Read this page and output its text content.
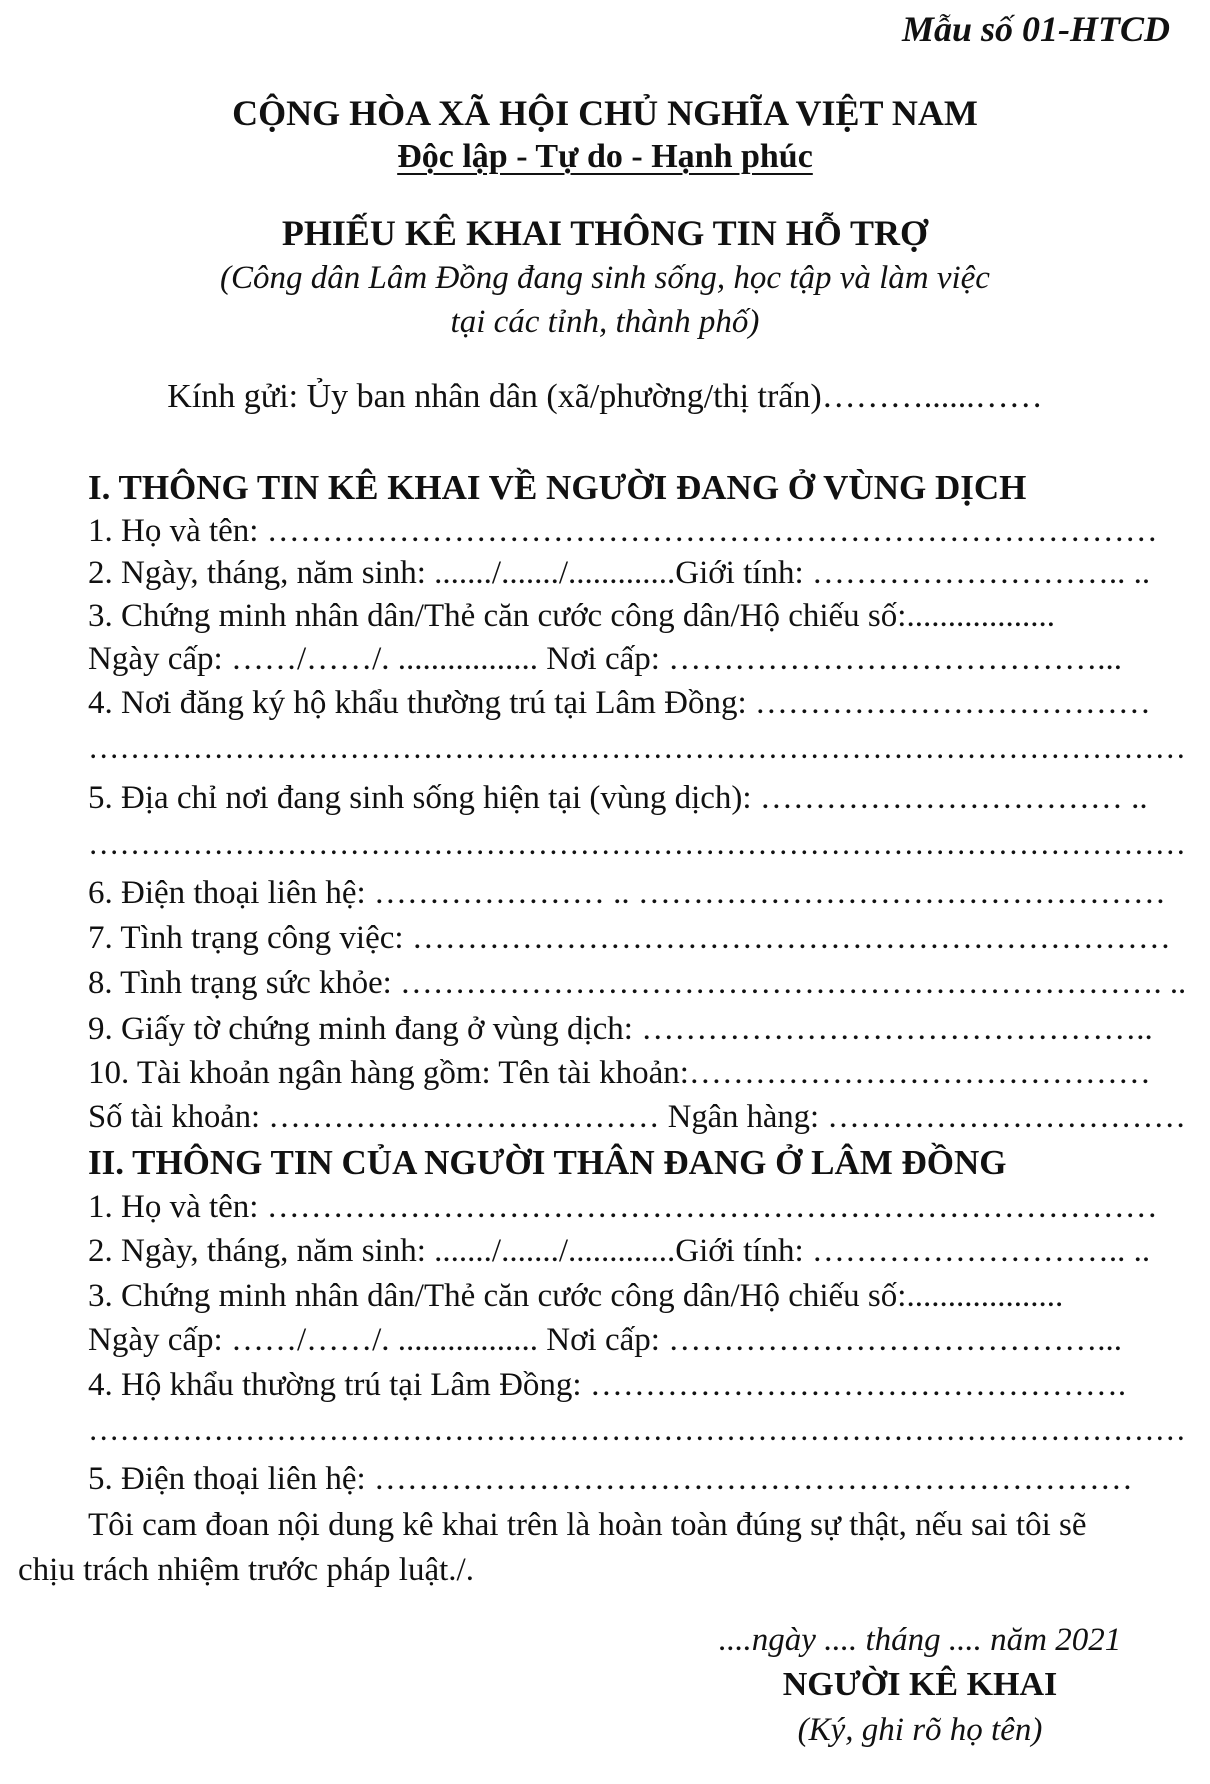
Mẫu số 01-HTCD
CỘNG HÒA XÃ HỘI CHỦ NGHĨA VIỆT NAM
Độc lập - Tự do - Hạnh phúc
PHIẾU KÊ KHAI THÔNG TIN HỖ TRỢ
(Công dân Lâm Đồng đang sinh sống, học tập và làm việc
tại các tỉnh, thành phố)
Kính gửi: Ủy ban nhân dân (xã/phường/thị trấn)………......……
I. THÔNG TIN KÊ KHAI VỀ NGƯỜI ĐANG Ở VÙNG DỊCH
1. Họ và tên: ………………………………………………………………………
2. Ngày, tháng, năm sinh: ......./......./.............Giới tính: ……………………….. ..
3. Chứng minh nhân dân/Thẻ căn cước công dân/Hộ chiếu số:..................
Ngày cấp: ……/……/. ................. Nơi cấp: …………………………………...
4. Nơi đăng ký hộ khẩu thường trú tại Lâm Đồng: ………………………………
……………………………………………………………………………………………
5. Địa chỉ nơi đang sinh sống hiện tại (vùng dịch): …………………………… ..
……………………………………………………………………………………………
6. Điện thoại liên hệ: ………………… .. …………………………………………
7. Tình trạng công việc: ……………………………………………………………
8. Tình trạng sức khỏe: ……………………………………………………………. ..
9. Giấy tờ chứng minh đang ở vùng dịch: ………………………………………..
10. Tài khoản ngân hàng gồm: Tên tài khoản:……………………………………
Số tài khoản: ……………………………… Ngân hàng: ……………………………
II. THÔNG TIN CỦA NGƯỜI THÂN ĐANG Ở LÂM ĐỒNG
1. Họ và tên: ………………………………………………………………………
2. Ngày, tháng, năm sinh: ......./......./.............Giới tính: ……………………….. ..
3. Chứng minh nhân dân/Thẻ căn cước công dân/Hộ chiếu số:...................
Ngày cấp: ……/……/. ................. Nơi cấp: …………………………………...
4. Hộ khẩu thường trú tại Lâm Đồng: ………………………………………….
……………………………………………………………………………………………
5. Điện thoại liên hệ: ……………………………………………………………
Tôi cam đoan nội dung kê khai trên là hoàn toàn đúng sự thật, nếu sai tôi sẽ
chịu trách nhiệm trước pháp luật./.
....ngày .... tháng .... năm 2021
NGƯỜI KÊ KHAI
(Ký, ghi rõ họ tên)
